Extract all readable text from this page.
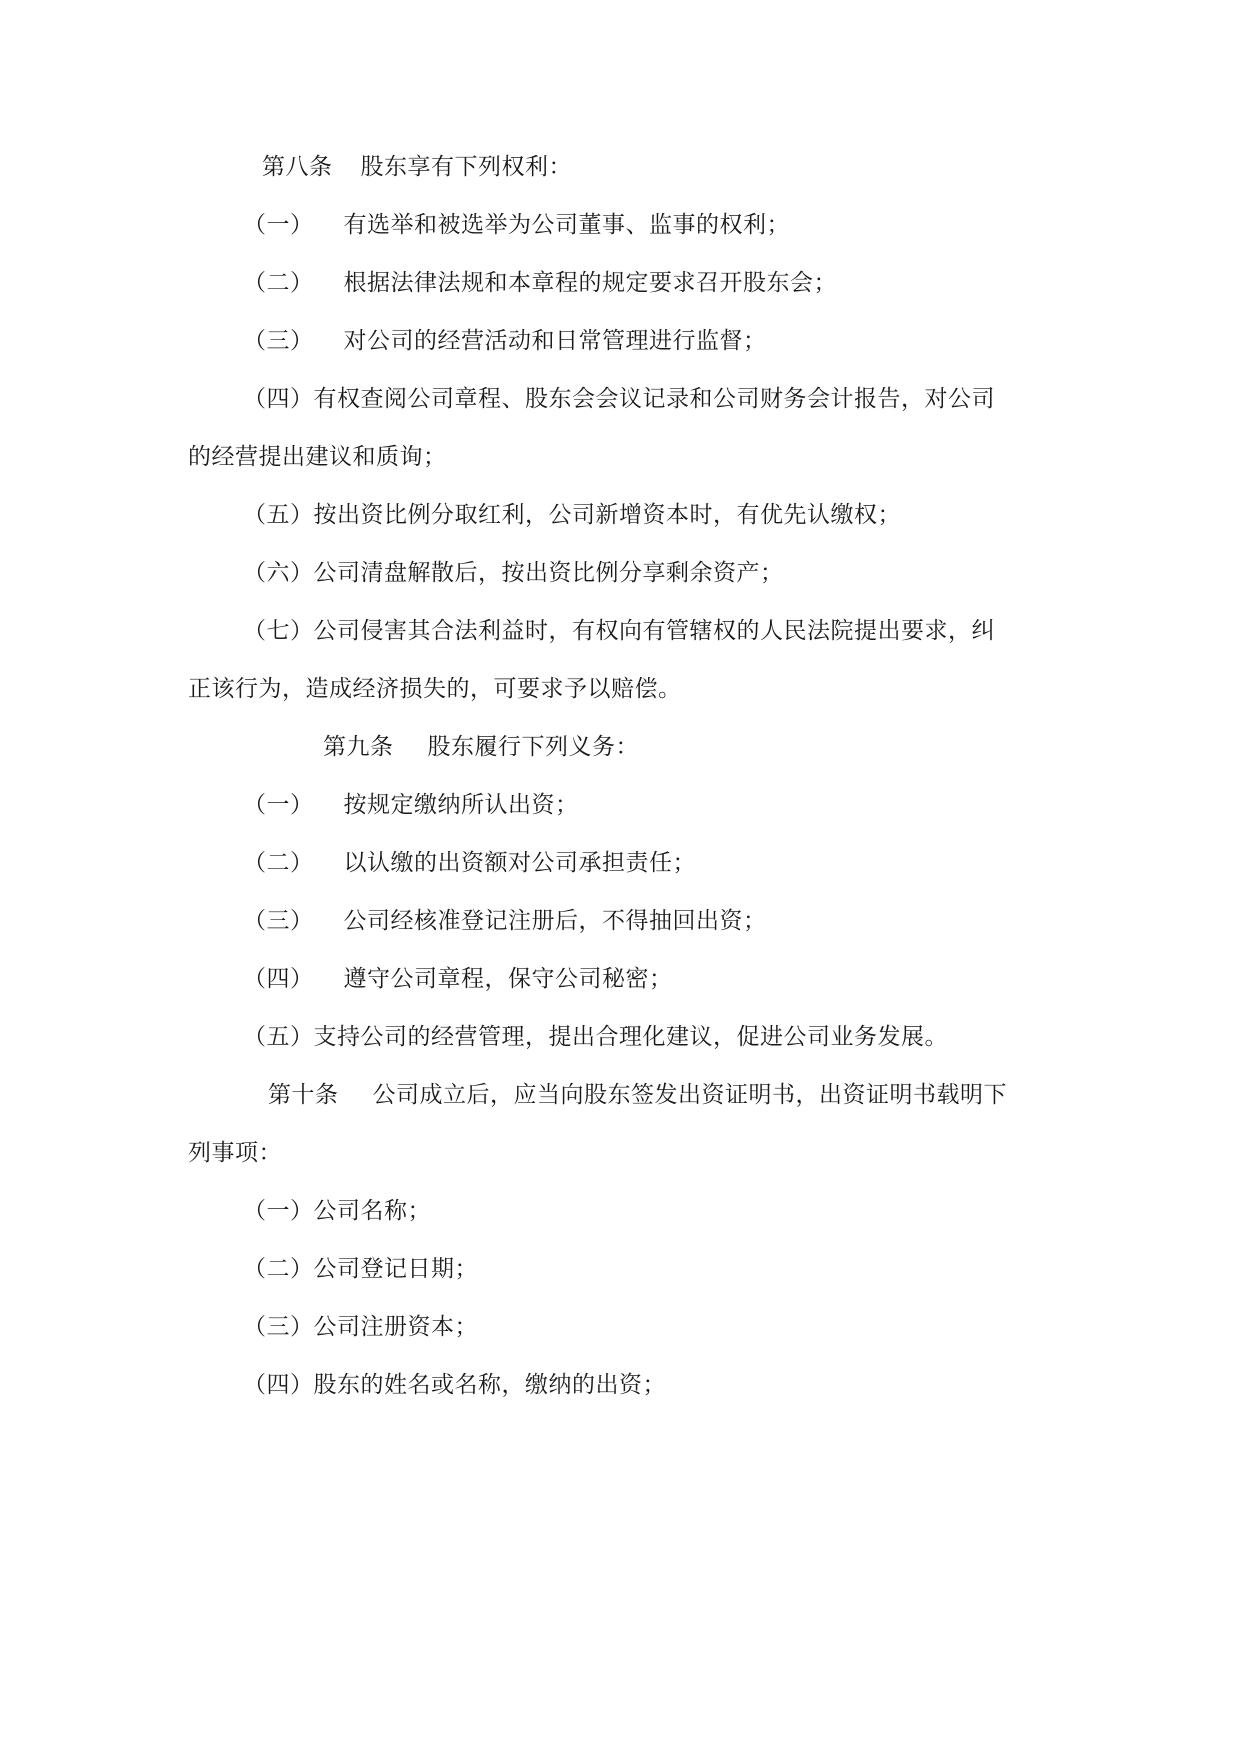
第八条 股东享有下列权利：
（一） 有选举和被选举为公司董事、监事的权利；
（二） 根据法律法规和本章程的规定要求召开股东会；
（三） 对公司的经营活动和日常管理进行监督；
（四）有权查阅公司章程、股东会会议记录和公司财务会计报告，对公司
的经营提出建议和质询；
（五）按出资比例分取红利，公司新增资本时，有优先认缴权；
（六）公司清盘解散后，按出资比例分享剩余资产；
（七）公司侵害其合法利益时，有权向有管辖权的人民法院提出要求，纠
正该行为，造成经济损失的，可要求予以赔偿。
第九条 股东履行下列义务：
（一） 按规定缴纳所认出资；
（二） 以认缴的出资额对公司承担责任；
（三） 公司经核准登记注册后，不得抽回出资；
（四） 遵守公司章程，保守公司秘密；
（五）支持公司的经营管理，提出合理化建议，促进公司业务发展。
第十条 公司成立后，应当向股东签发出资证明书，出资证明书载明下
列事项：
（一）公司名称；
（二）公司登记日期；
（三）公司注册资本；
（四）股东的姓名或名称，缴纳的出资；
